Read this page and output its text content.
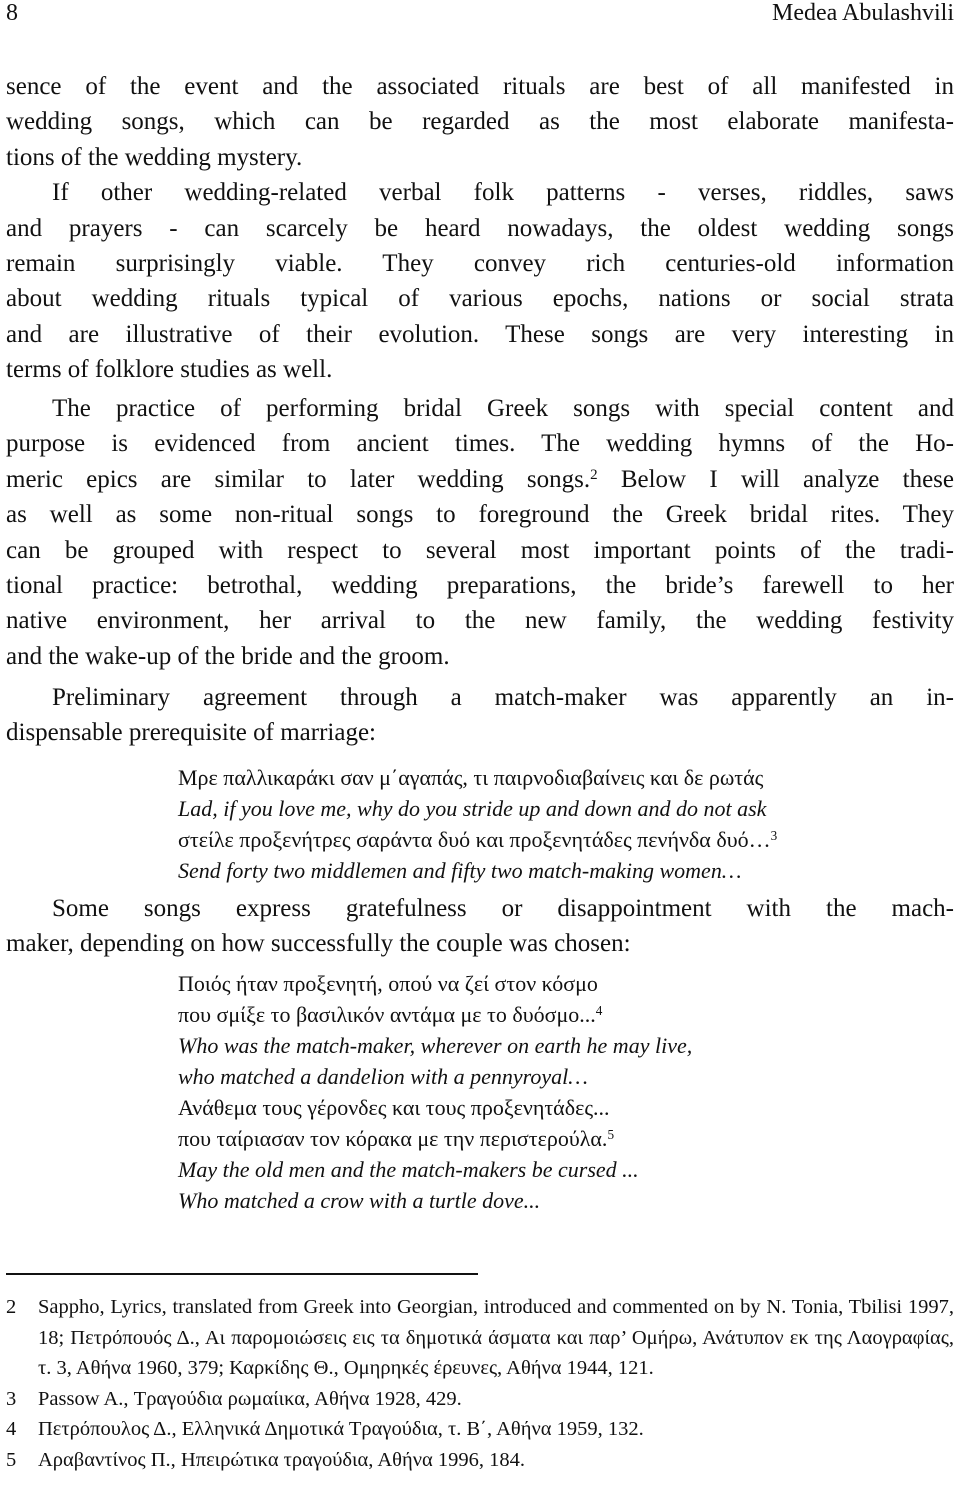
8	Medea Abulashvili
sence of the event and the associated rituals are best of all manifested in
wedding songs, which can be regarded as the most elaborate manifesta-
tions of the wedding mystery.
If other wedding-related verbal folk patterns - verses, riddles, saws
and prayers - can scarcely be heard nowadays, the oldest wedding songs
remain surprisingly viable. They convey rich centuries-old information
about wedding rituals typical of various epochs, nations or social strata
and are illustrative of their evolution. These songs are very interesting in
terms of folklore studies as well.
The practice of performing bridal Greek songs with special content and
purpose is evidenced from ancient times. The wedding hymns of the Ho-
meric epics are similar to later wedding songs.$^2$ Below I will analyze these
as well as some non-ritual songs to foreground the Greek bridal rites. They
can be grouped with respect to several most important points of the tradi-
tional practice: betrothal, wedding preparations, the bride’s farewell to her
native environment, her arrival to the new family, the wedding festivity
and the wake-up of the bride and the groom.
Preliminary agreement through a match-maker was apparently an in-
dispensable prerequisite of marriage:
Μρε παλλικαράκι σαν μ΄αγαπάς, τι παιρνοδιαβαίνεις και δε ρωτάς
Lad, if you love me, why do you stride up and down and do not ask
στείλε προξενήτρες σαράντα δυό και προξενητάδες πενήνδα δυό…$^3$
Send forty two middlemen and fifty two match-making women…
Some songs express gratefulness or disappointment with the mach-
maker, depending on how successfully the couple was chosen:
Ποιός ήταν προξενητή, οπού να ζεί στον κόσμο
που σμίξε το βασιλικόν αντάμα με το δυόσμο...$^4$
Who was the match-maker, wherever on earth he may live,
who matched a dandelion with a pennyroyal…
Ανάθεμα τους γέρονδες και τους προξενητάδες...
που ταίριασαν τον κόρακα με την περιστερούλα.$^5$
May the old men and the match-makers be cursed ...
Who matched a crow with a turtle dove...
2 Sappho, Lyrics, translated from Greek into Georgian, introduced and commented on by N. Tonia, Tbilisi 1997, 18; Πετρόπουός Δ., Αι παρομοιώσεις εις τα δημοτικά άσματα και παρ’ Ομήρω, Ανάτυπον εκ της Λαογραφίας, τ. 3, Αθήνα 1960, 379; Καρκίδης Θ., Ομηρηκές έρευνες, Αθήνα 1944, 121.
3 Passow A., Τραγούδια ρωμαίικα, Αθήνα 1928, 429.
4 Πετρόπουλος Δ., Ελληνικά Δημοτικά Τραγούδια, τ. Β΄, Αθήνα 1959, 132.
5 Αραβαντίνος Π., Ηπειρώτικα τραγούδια, Αθήνα 1996, 184.
